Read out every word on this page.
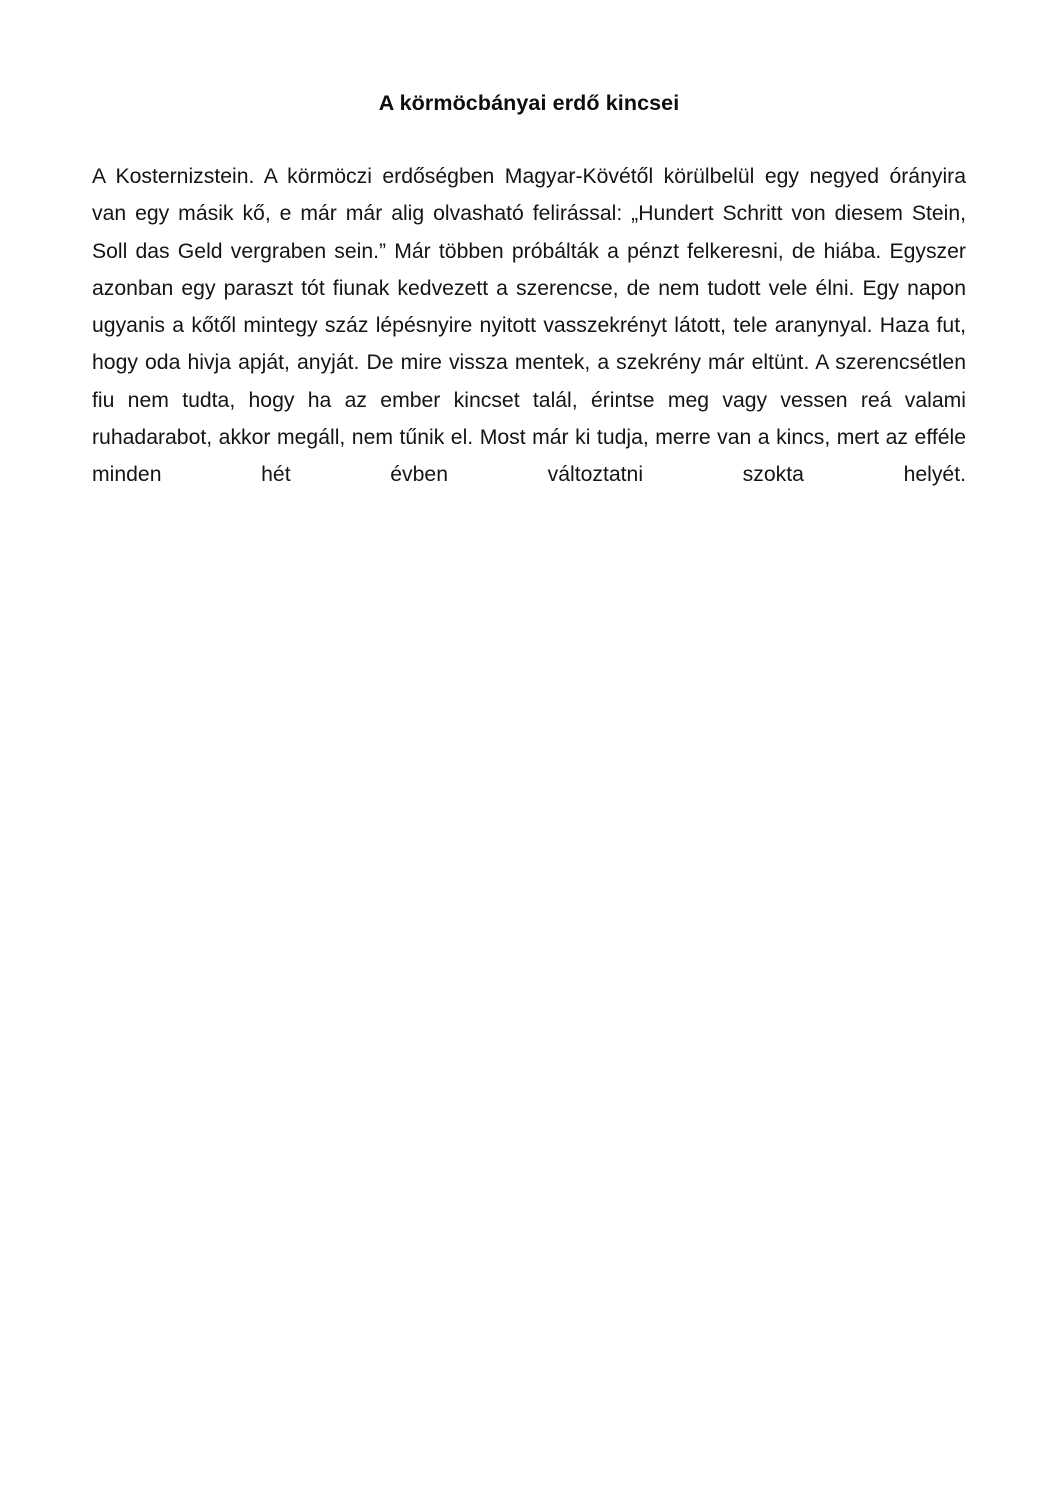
A körmöcbányai erdő kincsei

A Kosternizstein. A körmöczi erdőségben Magyar-Kövétől körülbelül egy negyed órányira van egy másik kő, e már már alig olvasható felirással: „Hundert Schritt von diesem Stein, Soll das Geld vergraben sein.” Már többen próbálták a pénzt felkeresni, de hiába. Egyszer azonban egy paraszt tót fiunak kedvezett a szerencse, de nem tudott vele élni. Egy napon ugyanis a kőtől mintegy száz lépésnyire nyitott vasszekrényt látott, tele aranynyal. Haza fut, hogy oda hivja apját, anyját. De mire vissza mentek, a szekrény már eltünt. A szerencsétlen fiu nem tudta, hogy ha az ember kincset talál, érintse meg vagy vessen reá valami ruhadarabot, akkor megáll, nem tűnik el. Most már ki tudja, merre van a kincs, mert az efféle minden hét évben változtatni szokta helyét.
